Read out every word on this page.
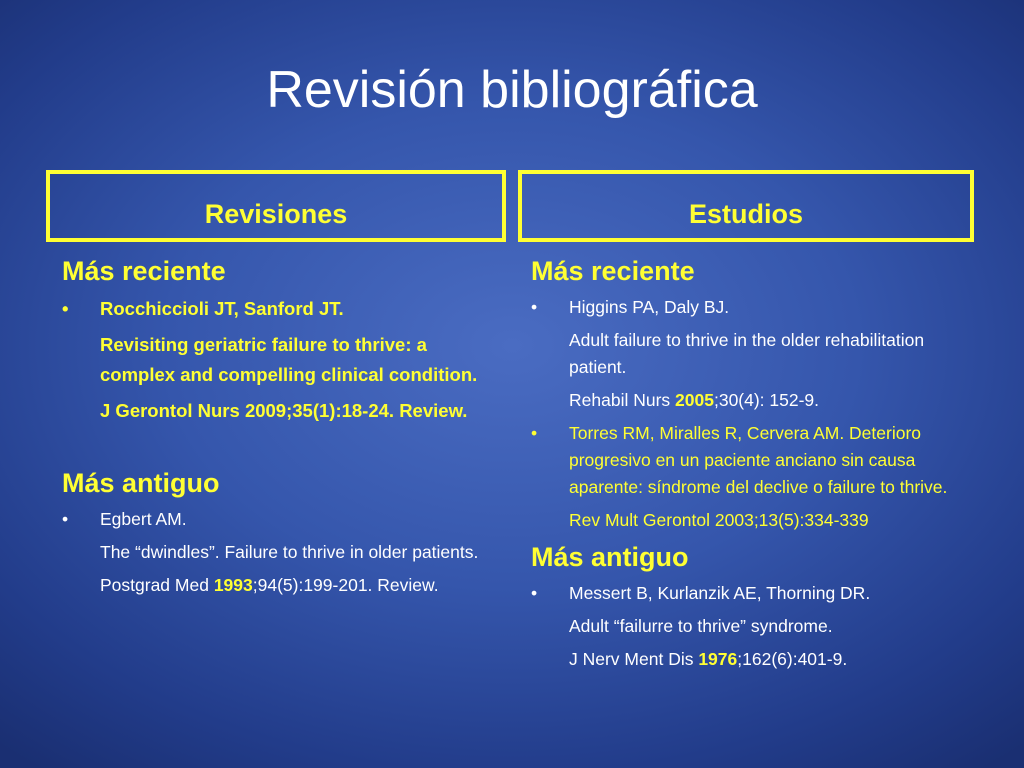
Revisión bibliográfica
Revisiones	Estudios
Más reciente
• Rocchiccioli JT, Sanford JT.
Revisiting geriatric failure to thrive: a complex and compelling clinical condition.
J Gerontol Nurs 2009;35(1):18-24. Review.
Más antiguo
• Egbert AM.
The “dwindles”. Failure to thrive in older patients.
Postgrad Med 1993;94(5):199-201. Review.
Más reciente
• Higgins PA, Daly BJ.
Adult failure to thrive in the older rehabilitation patient.
Rehabil Nurs 2005;30(4): 152-9.
• Torres RM, Miralles R, Cervera AM. Deterioro progresivo en un paciente anciano sin causa aparente: síndrome del declive o failure to thrive.
Rev Mult Gerontol 2003;13(5):334-339
Más antiguo
• Messert B, Kurlanzik AE, Thorning DR.
Adult “failurre to thrive” syndrome.
J Nerv Ment Dis 1976;162(6):401-9.
